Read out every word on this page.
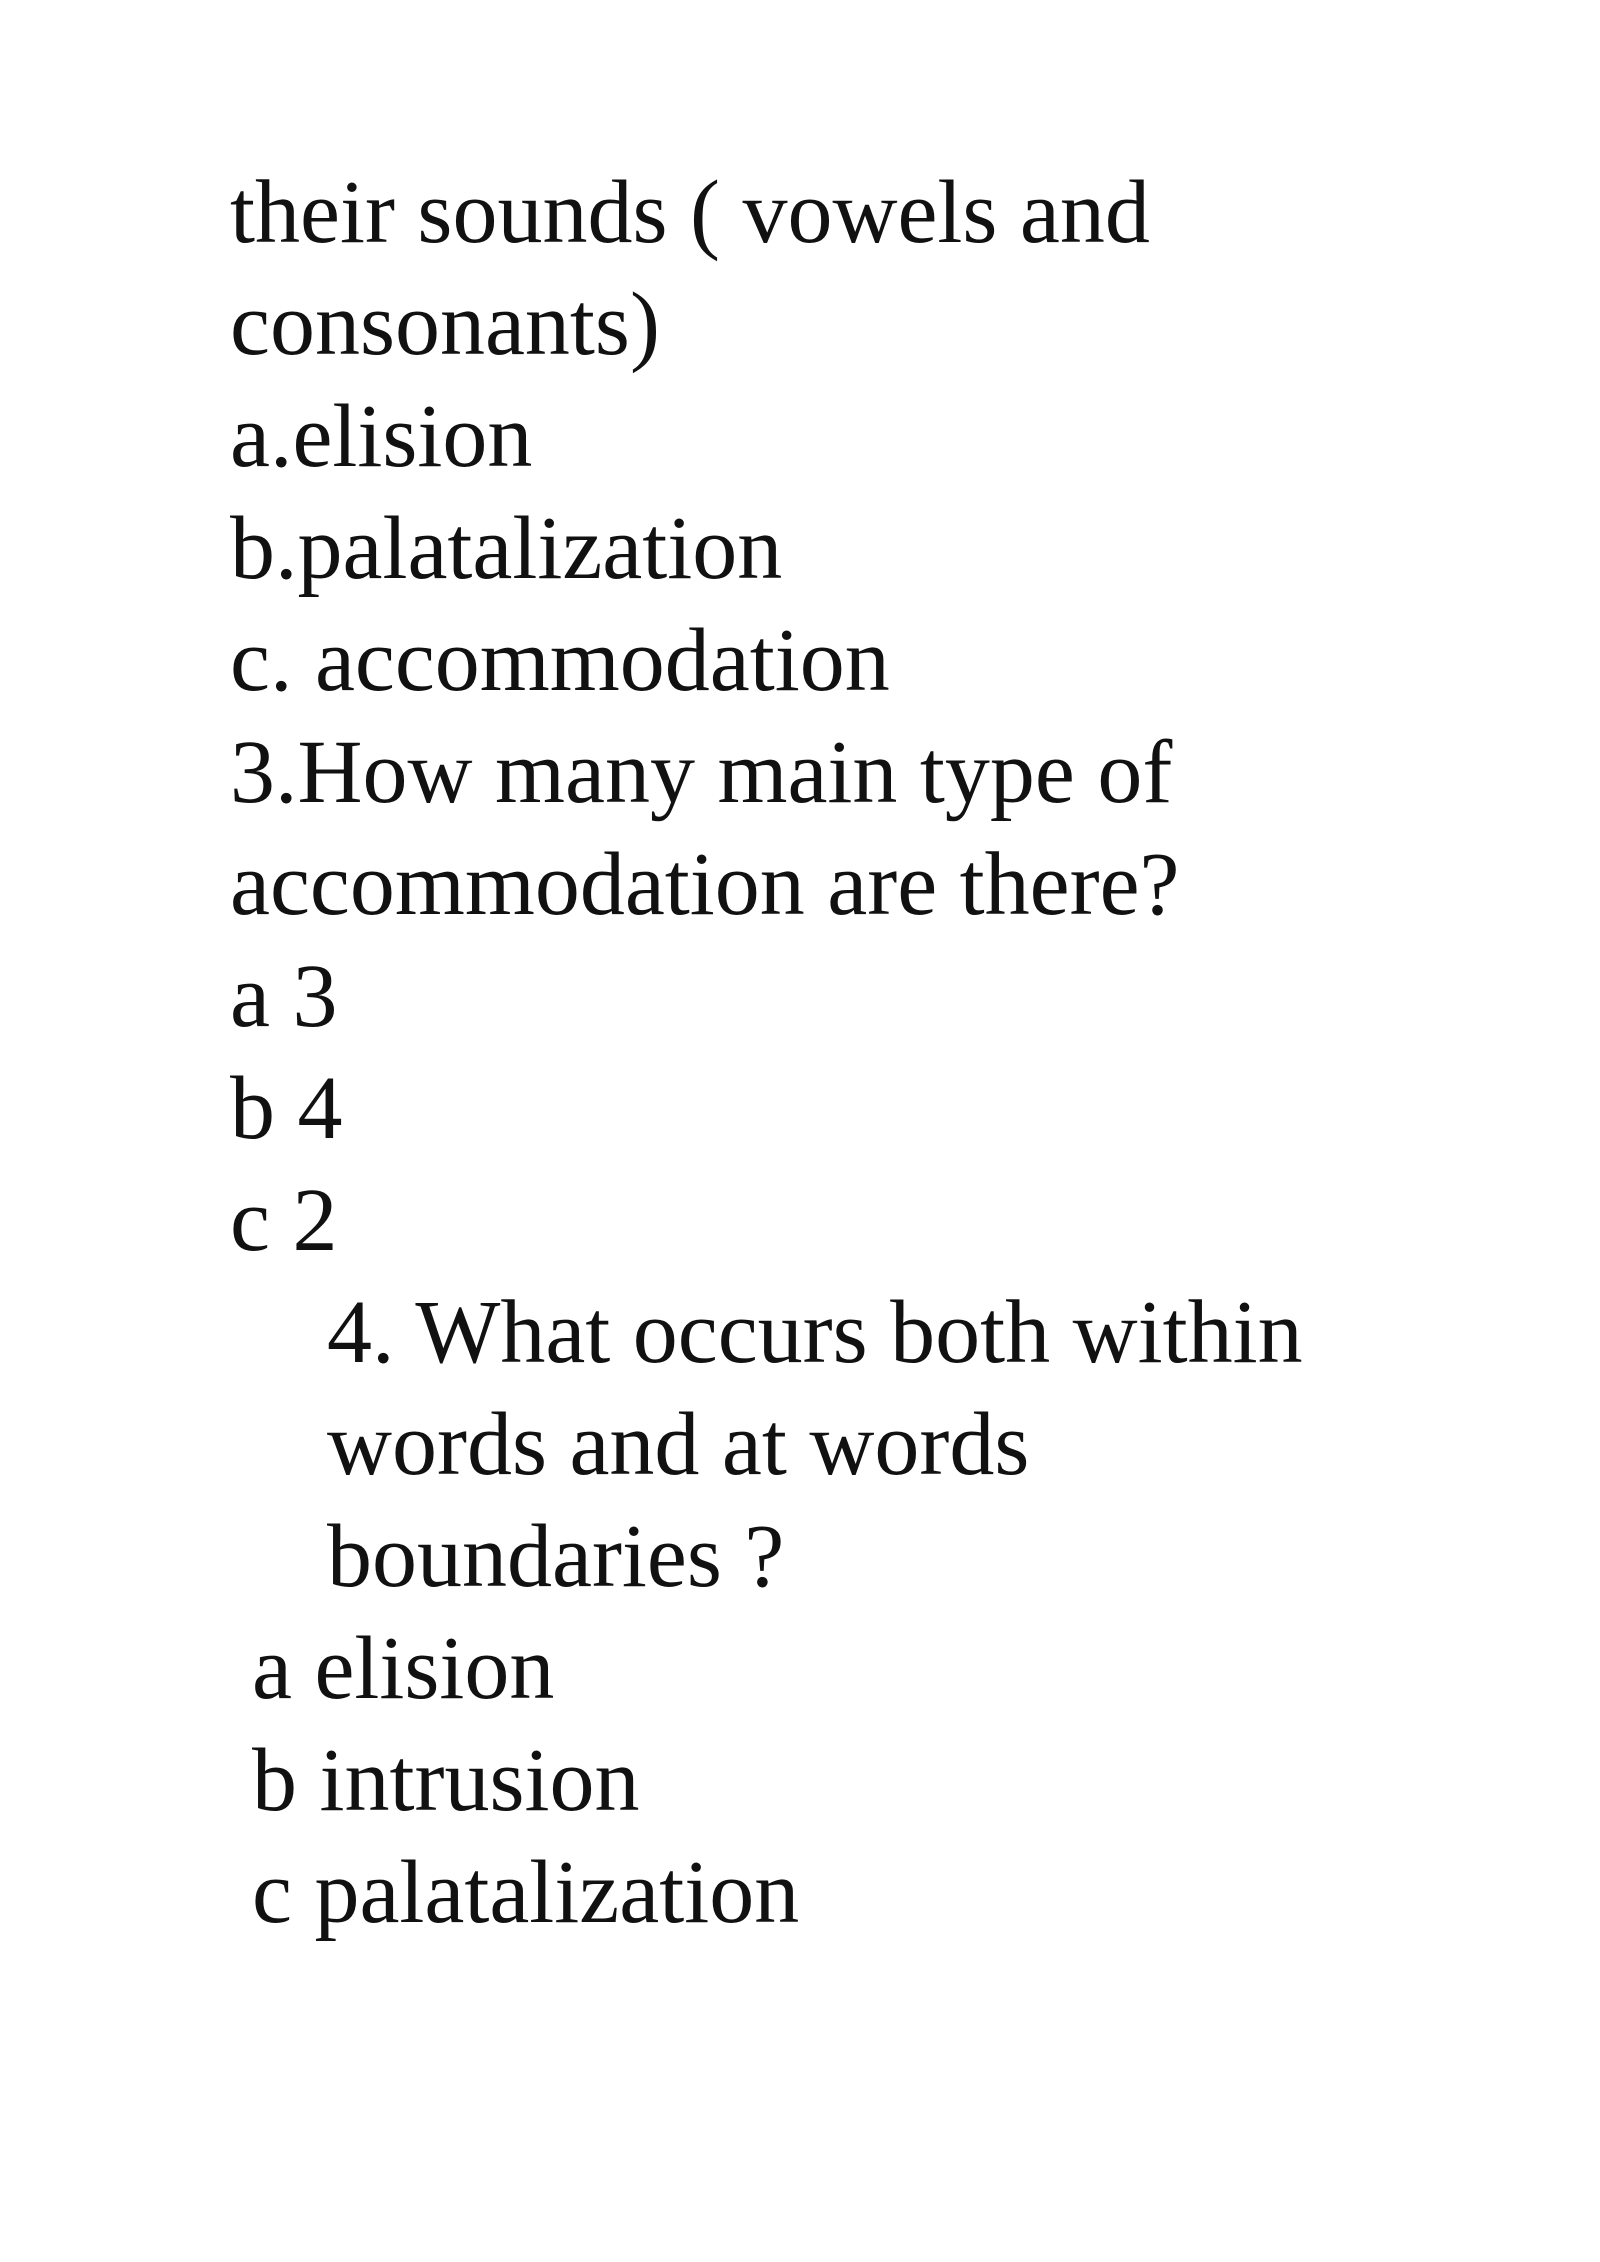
their sounds ( vowels and

consonants)

a.elision

b.palatalization

c. accommodation

3.How many main type of

accommodation are there?

a 3

b 4

c 2

4. What occurs both within

words and at words

boundaries ?

a elision

b intrusion

c palatalization
